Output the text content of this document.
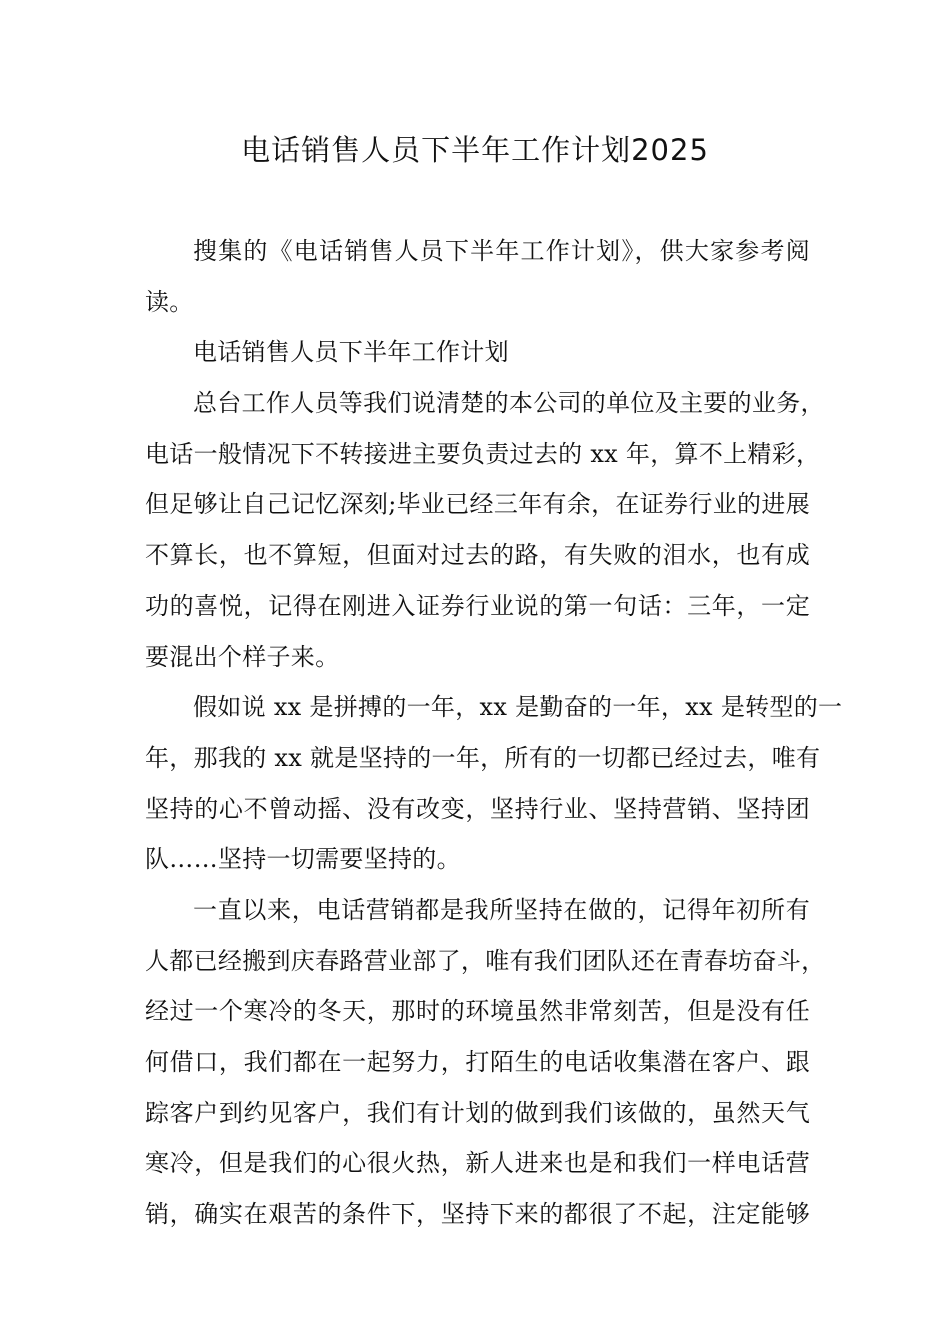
电话销售人员下半年工作计划2025
搜集的《电话销售人员下半年工作计划》，供大家参考阅
读。
电话销售人员下半年工作计划
总台工作人员等我们说清楚的本公司的单位及主要的业务，
电话一般情况下不转接进主要负责过去的 xx 年，算不上精彩，
但足够让自己记忆深刻;毕业已经三年有余，在证券行业的进展
不算长，也不算短，但面对过去的路，有失败的泪水，也有成
功的喜悦，记得在刚进入证券行业说的第一句话：三年，一定
要混出个样子来。
假如说 xx 是拼搏的一年，xx 是勤奋的一年，xx 是转型的一
年，那我的 xx 就是坚持的一年，所有的一切都已经过去，唯有
坚持的心不曾动摇、没有改变，坚持行业、坚持营销、坚持团
队……坚持一切需要坚持的。
一直以来，电话营销都是我所坚持在做的，记得年初所有
人都已经搬到庆春路营业部了，唯有我们团队还在青春坊奋斗，
经过一个寒冷的冬天，那时的环境虽然非常刻苦，但是没有任
何借口，我们都在一起努力，打陌生的电话收集潜在客户、跟
踪客户到约见客户，我们有计划的做到我们该做的，虽然天气
寒冷，但是我们的心很火热，新人进来也是和我们一样电话营
销，确实在艰苦的条件下，坚持下来的都很了不起，注定能够
